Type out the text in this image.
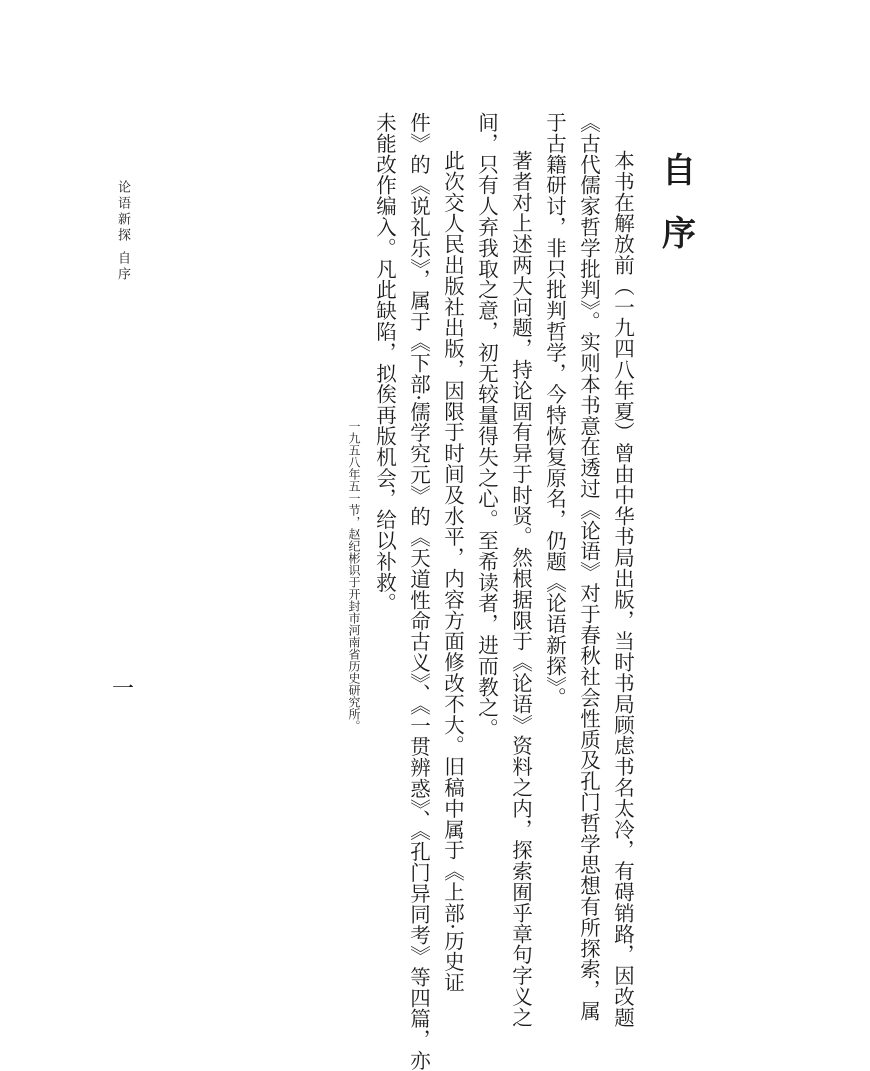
论语新探 自序
一
自
序
本书在解放前（一九四八年夏）曾由中华书局出版，当时书局顾虑书名太冷，有碍销路，因改题
《古代儒家哲学批判》。实则本书意在透过《论语》对于春秋社会性质及孔门哲学思想有所探索，属
于古籍研讨，非只批判哲学，今特恢复原名，仍题《论语新探》。
著者对上述两大问题，持论固有异于时贤。然根据限于《论语》资料之内，探索囿乎章句字义之
间，只有人弃我取之意，初无较量得失之心。至希读者，进而教之。
此次交人民出版社出版，因限于时间及水平，内容方面修改不大。旧稿中属于《上部·历史证
件》的《说礼乐》，属于《下部·儒学究元》的《天道性命古义》、《一贯辨惑》、《孔门异同考》等四篇，亦
未能改作编入。凡此缺陷，拟俟再版机会，给以补救。
一九五八年五一节，赵纪彬识于开封市河南省历史研究所。
